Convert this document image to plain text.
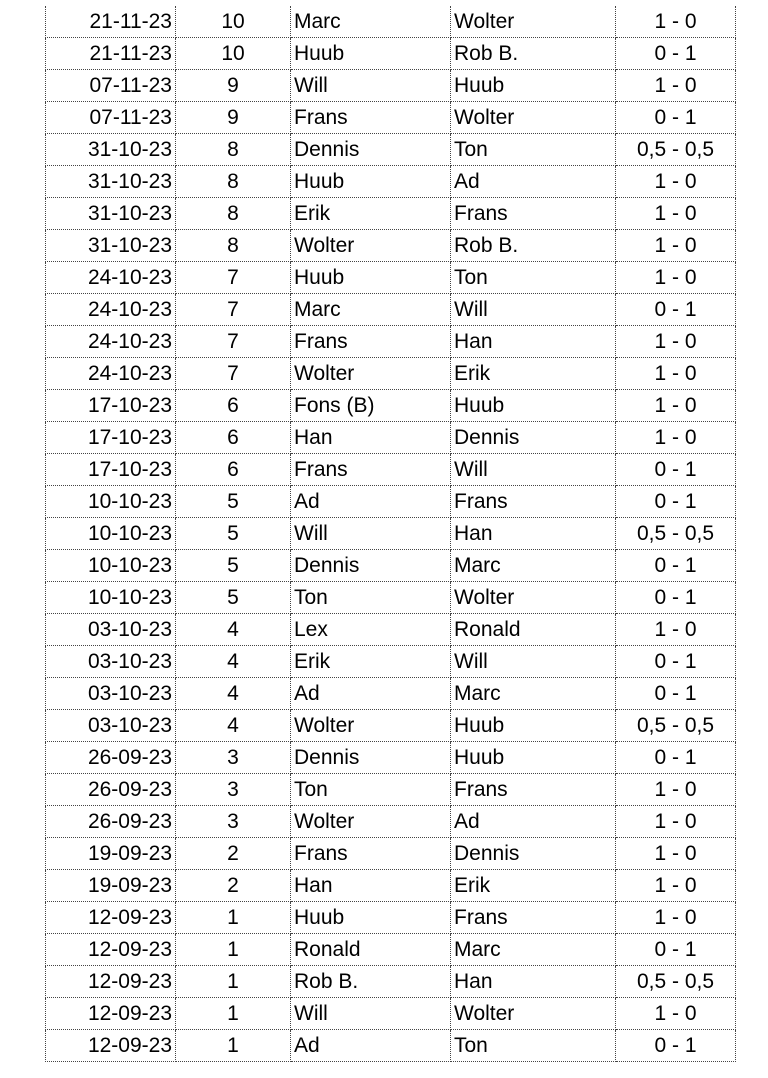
21-11-23	10	Marc	Wolter	1 - 0
21-11-23	10	Huub	Rob B.	0 - 1
07-11-23	9	Will	Huub	1 - 0
07-11-23	9	Frans	Wolter	0 - 1
31-10-23	8	Dennis	Ton	0,5 - 0,5
31-10-23	8	Huub	Ad	1 - 0
31-10-23	8	Erik	Frans	1 - 0
31-10-23	8	Wolter	Rob B.	1 - 0
24-10-23	7	Huub	Ton	1 - 0
24-10-23	7	Marc	Will	0 - 1
24-10-23	7	Frans	Han	1 - 0
24-10-23	7	Wolter	Erik	1 - 0
17-10-23	6	Fons (B)	Huub	1 - 0
17-10-23	6	Han	Dennis	1 - 0
17-10-23	6	Frans	Will	0 - 1
10-10-23	5	Ad	Frans	0 - 1
10-10-23	5	Will	Han	0,5 - 0,5
10-10-23	5	Dennis	Marc	0 - 1
10-10-23	5	Ton	Wolter	0 - 1
03-10-23	4	Lex	Ronald	1 - 0
03-10-23	4	Erik	Will	0 - 1
03-10-23	4	Ad	Marc	0 - 1
03-10-23	4	Wolter	Huub	0,5 - 0,5
26-09-23	3	Dennis	Huub	0 - 1
26-09-23	3	Ton	Frans	1 - 0
26-09-23	3	Wolter	Ad	1 - 0
19-09-23	2	Frans	Dennis	1 - 0
19-09-23	2	Han	Erik	1 - 0
12-09-23	1	Huub	Frans	1 - 0
12-09-23	1	Ronald	Marc	0 - 1
12-09-23	1	Rob B.	Han	0,5 - 0,5
12-09-23	1	Will	Wolter	1 - 0
12-09-23	1	Ad	Ton	0 - 1
